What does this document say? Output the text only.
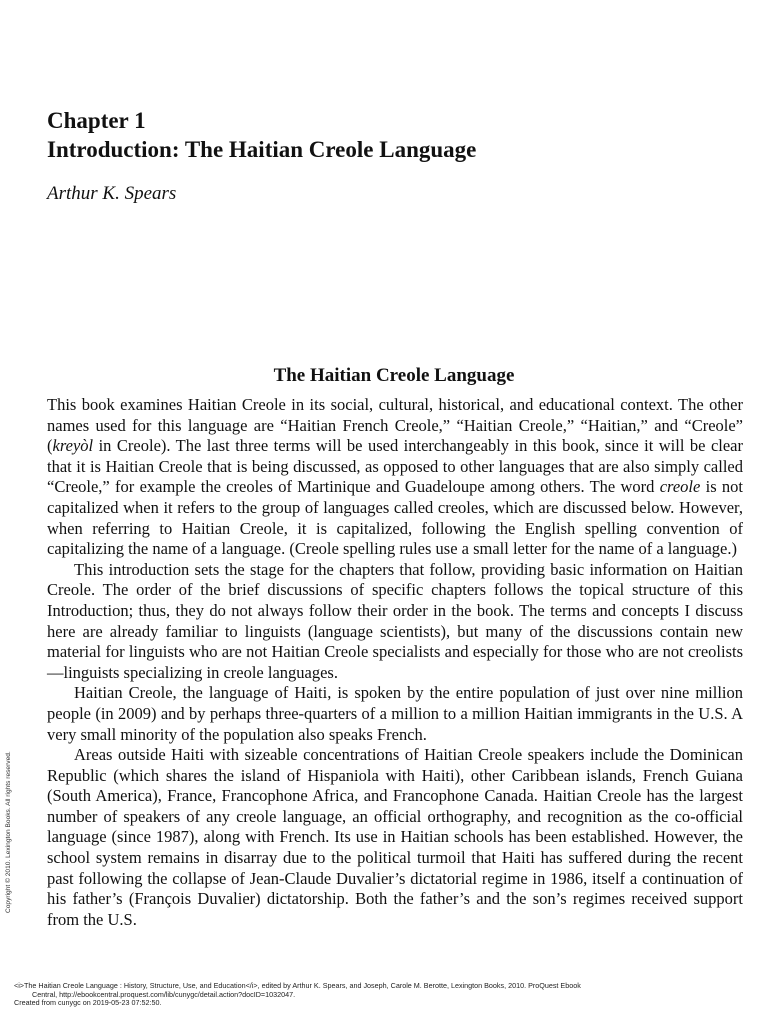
Chapter 1
Introduction: The Haitian Creole Language

Arthur K. Spears

The Haitian Creole Language

This book examines Haitian Creole in its social, cultural, historical, and educational context. The other names used for this language are “Haitian French Creole,” “Haitian Creole,” “Haitian,” and “Creole” (kreyòl in Creole). The last three terms will be used interchangeably in this book, since it will be clear that it is Haitian Creole that is being discussed, as opposed to other languages that are also simply called “Creole,” for example the creoles of Martinique and Guadeloupe among others. The word creole is not capitalized when it refers to the group of languages called creoles, which are discussed below. However, when referring to Haitian Creole, it is capitalized, following the English spelling convention of capitalizing the name of a language. (Creole spelling rules use a small letter for the name of a language.)

This introduction sets the stage for the chapters that follow, providing basic information on Haitian Creole. The order of the brief discussions of specific chapters follows the topical structure of this Introduction; thus, they do not always follow their order in the book. The terms and concepts I discuss here are already familiar to linguists (language scientists), but many of the discussions contain new material for linguists who are not Haitian Creole specialists and especially for those who are not creolists—linguists specializing in creole languages.

Haitian Creole, the language of Haiti, is spoken by the entire population of just over nine million people (in 2009) and by perhaps three-quarters of a million to a million Haitian immigrants in the U.S. A very small minority of the population also speaks French.

Areas outside Haiti with sizeable concentrations of Haitian Creole speakers include the Dominican Republic (which shares the island of Hispaniola with Haiti), other Caribbean islands, French Guiana (South America), France, Francophone Africa, and Francophone Canada. Haitian Creole has the largest number of speakers of any creole language, an official orthography, and recognition as the co-official language (since 1987), along with French. Its use in Haitian schools has been established. However, the school system remains in disarray due to the political turmoil that Haiti has suffered during the recent past following the collapse of Jean-Claude Duvalier’s dictatorial regime in 1986, itself a continuation of his father’s (François Duvalier) dictatorship. Both the father’s and the son’s regimes received support from the U.S.

Copyright © 2010. Lexington Books. All rights reserved.
<i>The Haitian Creole Language : History, Structure, Use, and Education</i>, edited by Arthur K. Spears, and Joseph, Carole M. Berotte, Lexington Books, 2010. ProQuest Ebook
Central, http://ebookcentral.proquest.com/lib/cunygc/detail.action?docID=1032047.
Created from cunygc on 2019-05-23 07:52:50.
